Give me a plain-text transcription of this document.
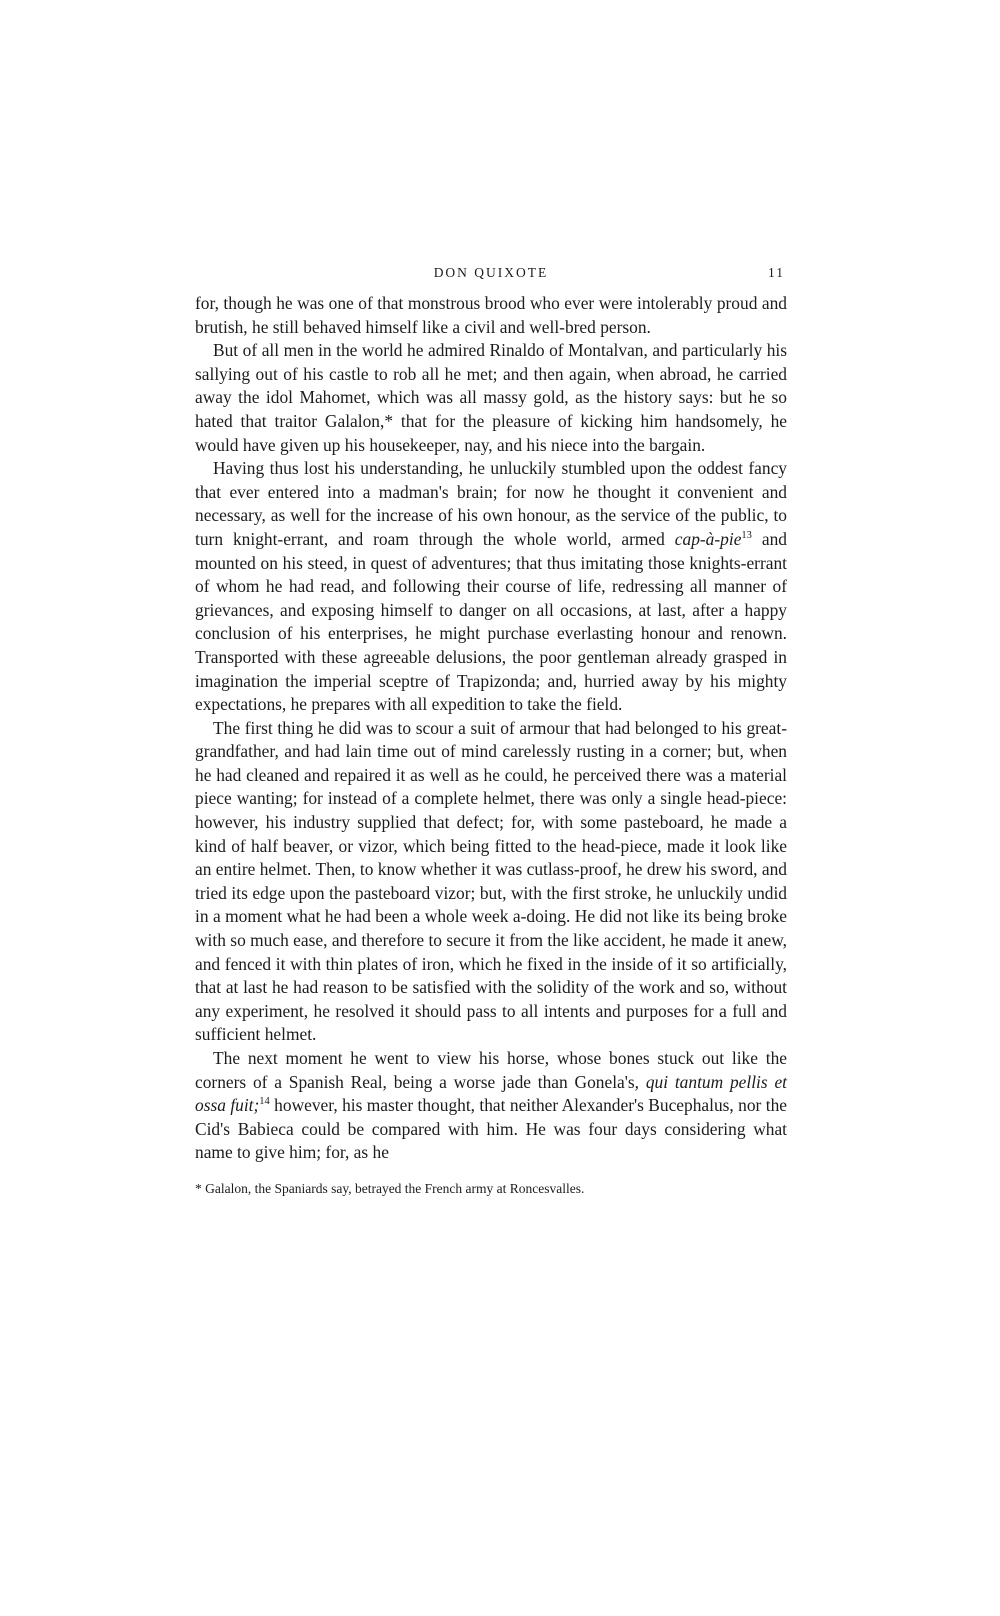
DON QUIXOTE	11

for, though he was one of that monstrous brood who ever were intolerably proud and brutish, he still behaved himself like a civil and well-bred person.

But of all men in the world he admired Rinaldo of Montalvan, and particularly his sallying out of his castle to rob all he met; and then again, when abroad, he carried away the idol Mahomet, which was all massy gold, as the history says: but he so hated that traitor Galalon,* that for the pleasure of kicking him handsomely, he would have given up his housekeeper, nay, and his niece into the bargain.

Having thus lost his understanding, he unluckily stumbled upon the oddest fancy that ever entered into a madman's brain; for now he thought it convenient and necessary, as well for the increase of his own honour, as the service of the public, to turn knight-errant, and roam through the whole world, armed cap-à-pie$^{13}$ and mounted on his steed, in quest of adventures; that thus imitating those knights-errant of whom he had read, and following their course of life, redressing all manner of grievances, and exposing himself to danger on all occasions, at last, after a happy conclusion of his enterprises, he might purchase everlasting honour and renown. Transported with these agreeable delusions, the poor gentleman already grasped in imagination the imperial sceptre of Trapizonda; and, hurried away by his mighty expectations, he prepares with all expedition to take the field.

The first thing he did was to scour a suit of armour that had belonged to his great-grandfather, and had lain time out of mind carelessly rusting in a corner; but, when he had cleaned and repaired it as well as he could, he perceived there was a material piece wanting; for instead of a complete helmet, there was only a single head-piece: however, his industry supplied that defect; for, with some pasteboard, he made a kind of half beaver, or vizor, which being fitted to the head-piece, made it look like an entire helmet. Then, to know whether it was cutlass-proof, he drew his sword, and tried its edge upon the pasteboard vizor; but, with the first stroke, he unluckily undid in a moment what he had been a whole week a-doing. He did not like its being broke with so much ease, and therefore to secure it from the like accident, he made it anew, and fenced it with thin plates of iron, which he fixed in the inside of it so artificially, that at last he had reason to be satisfied with the solidity of the work and so, without any experiment, he resolved it should pass to all intents and purposes for a full and sufficient helmet.

The next moment he went to view his horse, whose bones stuck out like the corners of a Spanish Real, being a worse jade than Gonela's, qui tantum pellis et ossa fuit;$^{14}$ however, his master thought, that neither Alexander's Bucephalus, nor the Cid's Babieca could be compared with him. He was four days considering what name to give him; for, as he

* Galalon, the Spaniards say, betrayed the French army at Roncesvalles.
